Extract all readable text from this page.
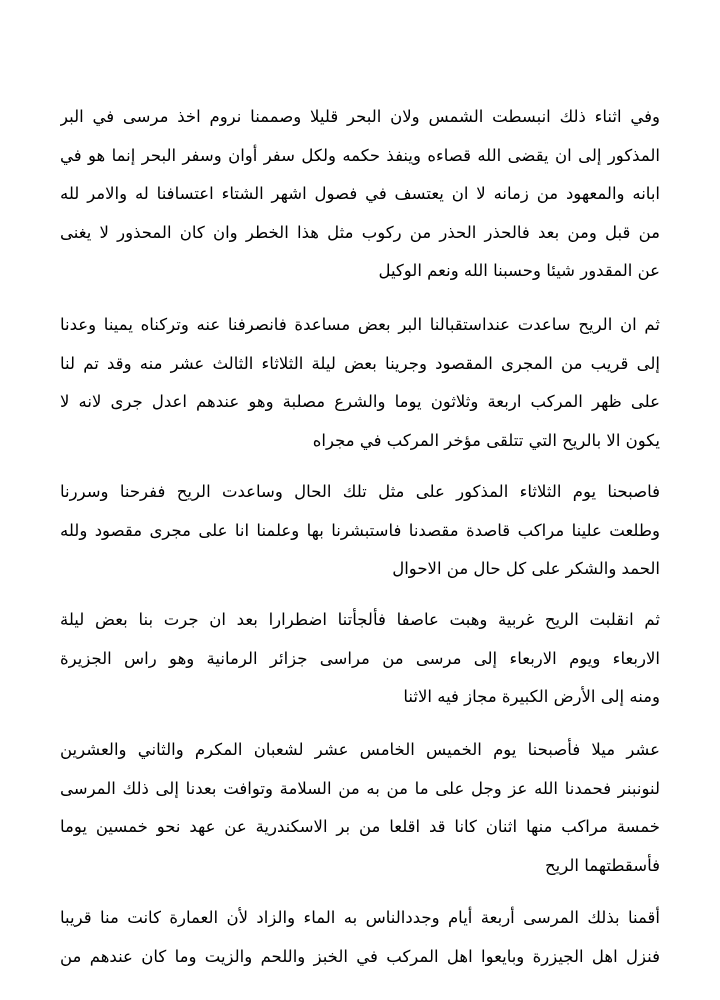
وفي اثناء ذلك انبسطت الشمس ولان البحر قليلا وصممنا نروم اخذ مرسى في البر
المذكور إلى ان يقضى الله قصاءه وينفذ حكمه ولكل سفر أوان وسفر البحر إنما هو في
ابانه والمعهود من زمانه لا ان يعتسف في فصول اشهر الشتاء اعتسافنا له والامر لله
من قبل ومن بعد فالحذر الحذر من ركوب مثل هذا الخطر وان كان المحذور لا يغنى
عن المقدور شيئا وحسبنا الله ونعم الوكيل
ثم ان الريح ساعدت عنداستقبالنا البر بعض مساعدة فانصرفنا عنه وتركناه يمينا وعدنا
إلى قريب من المجرى المقصود وجرينا بعض ليلة الثلاثاء الثالث عشر منه وقد تم لنا
على ظهر المركب اربعة وثلاثون يوما والشرع مصلبة وهو عندهم اعدل جرى لانه لا
يكون الا بالريح التي تتلقى مؤخر المركب في مجراه
فاصبحنا يوم الثلاثاء المذكور على مثل تلك الحال وساعدت الريح ففرحنا وسررنا
وطلعت علينا مراكب قاصدة مقصدنا فاستبشرنا بها وعلمنا انا على مجرى مقصود ولله
الحمد والشكر على كل حال من الاحوال
ثم انقلبت الريح غربية وهبت عاصفا فألجأتنا اضطرارا بعد ان جرت بنا بعض ليلة
الاربعاء ويوم الاربعاء إلى مرسى من مراسى جزائر الرمانية وهو راس الجزيرة
ومنه إلى الأرض الكبيرة مجاز فيه الاثنا
عشر ميلا فأصبحنا يوم الخميس الخامس عشر لشعبان المكرم والثاني والعشرين
لنونبنر فحمدنا الله عز وجل على ما من به من السلامة وتوافت بعدنا إلى ذلك المرسى
خمسة مراكب منها اثنان كانا قد اقلعا من بر الاسكندرية عن عهد نحو خمسين يوما
فأسقطتهما الريح
أقمنا بذلك المرسى أربعة أيام وجددالناس به الماء والزاد لأن العمارة كانت منا قريبا
فنزل اهل الجيزرة وبايعوا اهل المركب في الخبز واللحم والزيت وما كان عندهم من
